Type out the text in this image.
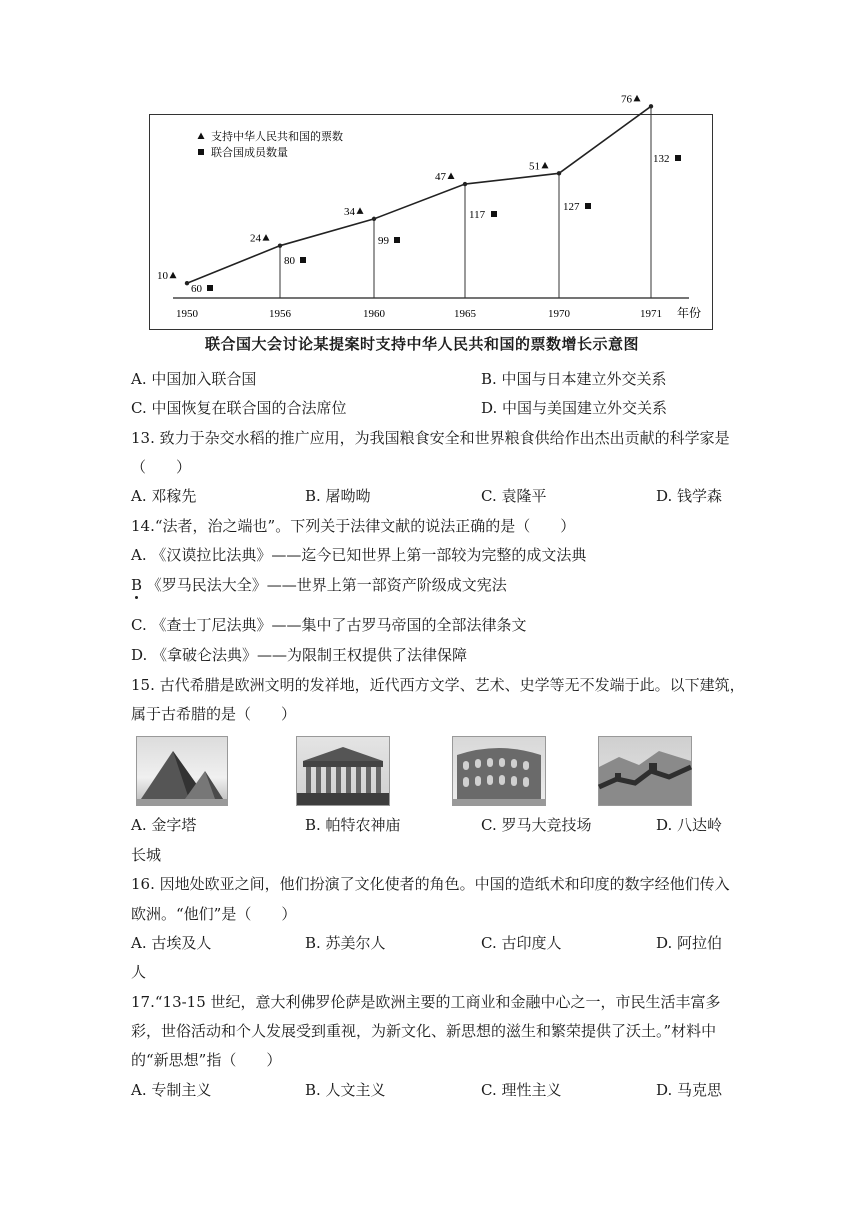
1950	1956	1960	1965	1970	1971 年份
10
24
34
47
51
76
60
80
99
117
127
132
支持中华人民共和国的票数
联合国成员数量
联合国大会讨论某提案时支持中华人民共和国的票数增长示意图
A. 中国加入联合国	B. 中国与日本建立外交关系
C. 中国恢复在联合国的合法席位	D. 中国与美国建立外交关系
13. 致力于杂交水稻的推广应用，为我国粮食安全和世界粮食供给作出杰出贡献的科学家是
（　　）
A. 邓稼先	B. 屠呦呦	C. 袁隆平	D. 钱学森
14.“法者，治之端也”。下列关于法律文献的说法正确的是（　　）
A. 《汉谟拉比法典》——迄今已知世界上第一部较为完整的成文法典
B 《罗马民法大全》——世界上第一部资产阶级成文宪法
C. 《查士丁尼法典》——集中了古罗马帝国的全部法律条文
D. 《拿破仑法典》——为限制王权提供了法律保障
15. 古代希腊是欧洲文明的发祥地，近代西方文学、艺术、史学等无不发端于此。以下建筑，
属于古希腊的是（　　）
A. 金字塔	B. 帕特农神庙	C. 罗马大竞技场	D. 八达岭
长城
16. 因地处欧亚之间，他们扮演了文化使者的角色。中国的造纸术和印度的数字经他们传入
欧洲。“他们”是（　　）
A. 古埃及人	B. 苏美尔人	C. 古印度人	D. 阿拉伯
人
17.“13-15 世纪，意大利佛罗伦萨是欧洲主要的工商业和金融中心之一，市民生活丰富多
彩，世俗活动和个人发展受到重视，为新文化、新思想的滋生和繁荣提供了沃土。”材料中
的“新思想”指（　　）
A. 专制主义	B. 人文主义	C. 理性主义	D. 马克思
